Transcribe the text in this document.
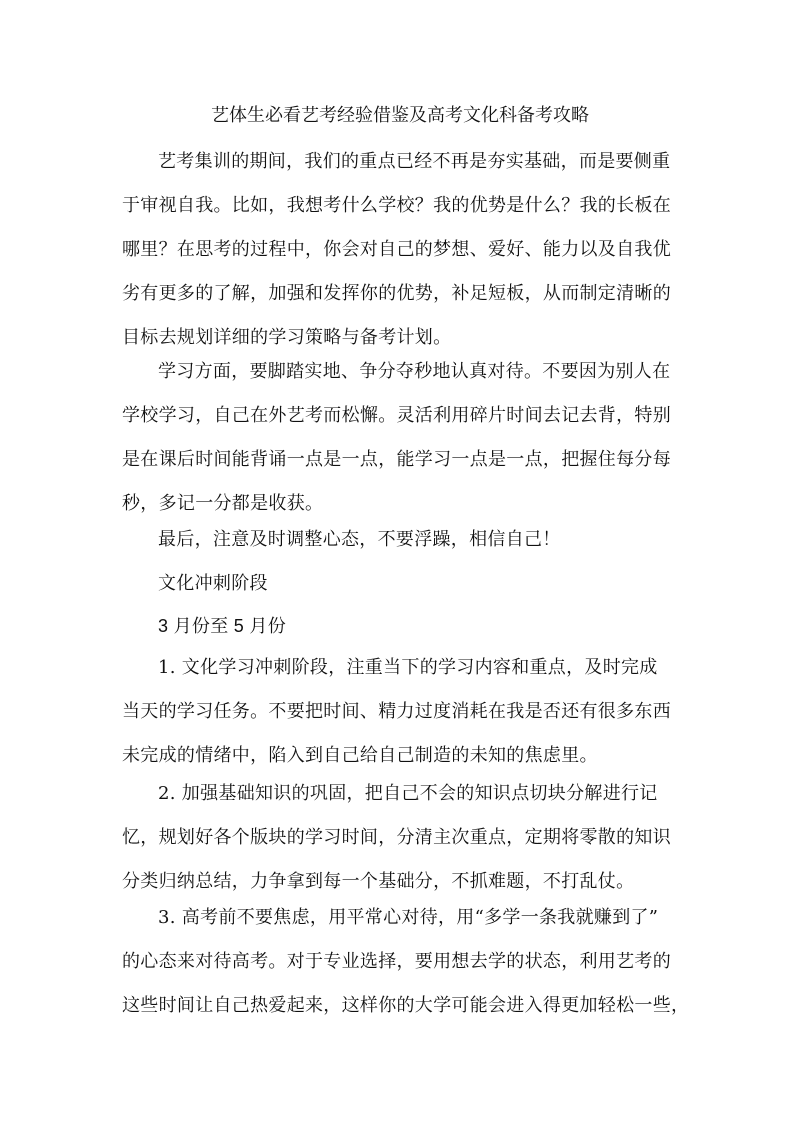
艺体生必看艺考经验借鉴及高考文化科备考攻略
艺考集训的期间，我们的重点已经不再是夯实基础，而是要侧重
于审视自我。比如，我想考什么学校？我的优势是什么？我的长板在
哪里？在思考的过程中，你会对自己的梦想、爱好、能力以及自我优
劣有更多的了解，加强和发挥你的优势，补足短板，从而制定清晰的
目标去规划详细的学习策略与备考计划。
学习方面，要脚踏实地、争分夺秒地认真对待。不要因为别人在
学校学习，自己在外艺考而松懈。灵活利用碎片时间去记去背，特别
是在课后时间能背诵一点是一点，能学习一点是一点，把握住每分每
秒，多记一分都是收获。
最后，注意及时调整心态，不要浮躁，相信自己！
文化冲刺阶段
3 月份至 5 月份
1. 文化学习冲刺阶段，注重当下的学习内容和重点，及时完成
当天的学习任务。不要把时间、精力过度消耗在我是否还有很多东西
未完成的情绪中，陷入到自己给自己制造的未知的焦虑里。
2. 加强基础知识的巩固，把自己不会的知识点切块分解进行记
忆，规划好各个版块的学习时间，分清主次重点，定期将零散的知识
分类归纳总结，力争拿到每一个基础分，不抓难题，不打乱仗。
3. 高考前不要焦虑，用平常心对待，用“多学一条我就赚到了”
的心态来对待高考。对于专业选择，要用想去学的状态，利用艺考的
这些时间让自己热爱起来，这样你的大学可能会进入得更加轻松一些，
